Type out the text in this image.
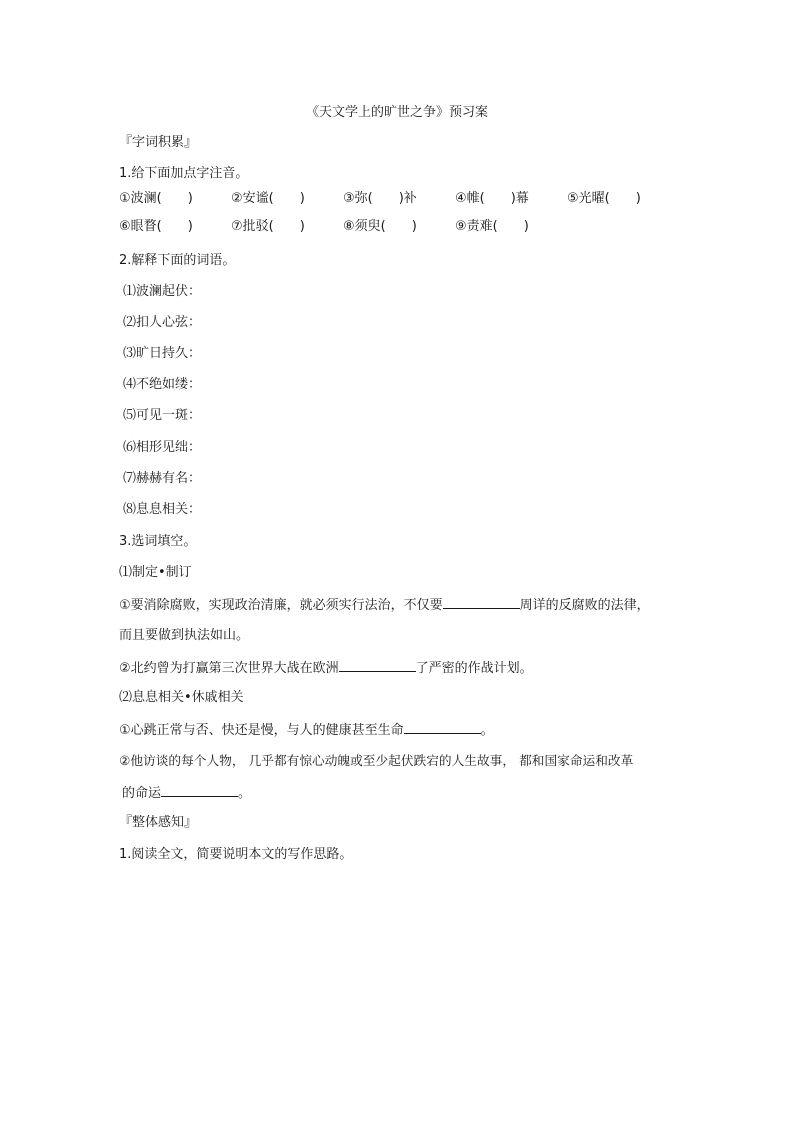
《天文学上的旷世之争》预习案
『字词积累』
1.给下面加点字注音。
①波澜(　　)	②安谧(　　)	③弥(　　)补	④帷(　　)幕	⑤光曜(　　)
⑥眼瞀(　　)	⑦批驳(　　)	⑧须臾(　　)	⑨责难(　　)
2.解释下面的词语。
⑴波澜起伏：
⑵扣人心弦：
⑶旷日持久：
⑷不绝如缕：
⑸可见一斑：
⑹相形见绌：
⑺赫赫有名：
⑻息息相关：
3.选词填空。
⑴制定•制订
①要消除腐败，实现政治清廉，就必须实行法治，不仅要	周详的反腐败的法律，
而且要做到执法如山。
②北约曾为打赢第三次世界大战在欧洲	了严密的作战计划。
⑵息息相关•休戚相关
①心跳正常与否、快还是慢，与人的健康甚至生命	。
②他访谈的每个人物， 几乎都有惊心动魄或至少起伏跌宕的人生故事， 都和国家命运和改革
的命运	。
『整体感知』
1.阅读全文，简要说明本文的写作思路。
